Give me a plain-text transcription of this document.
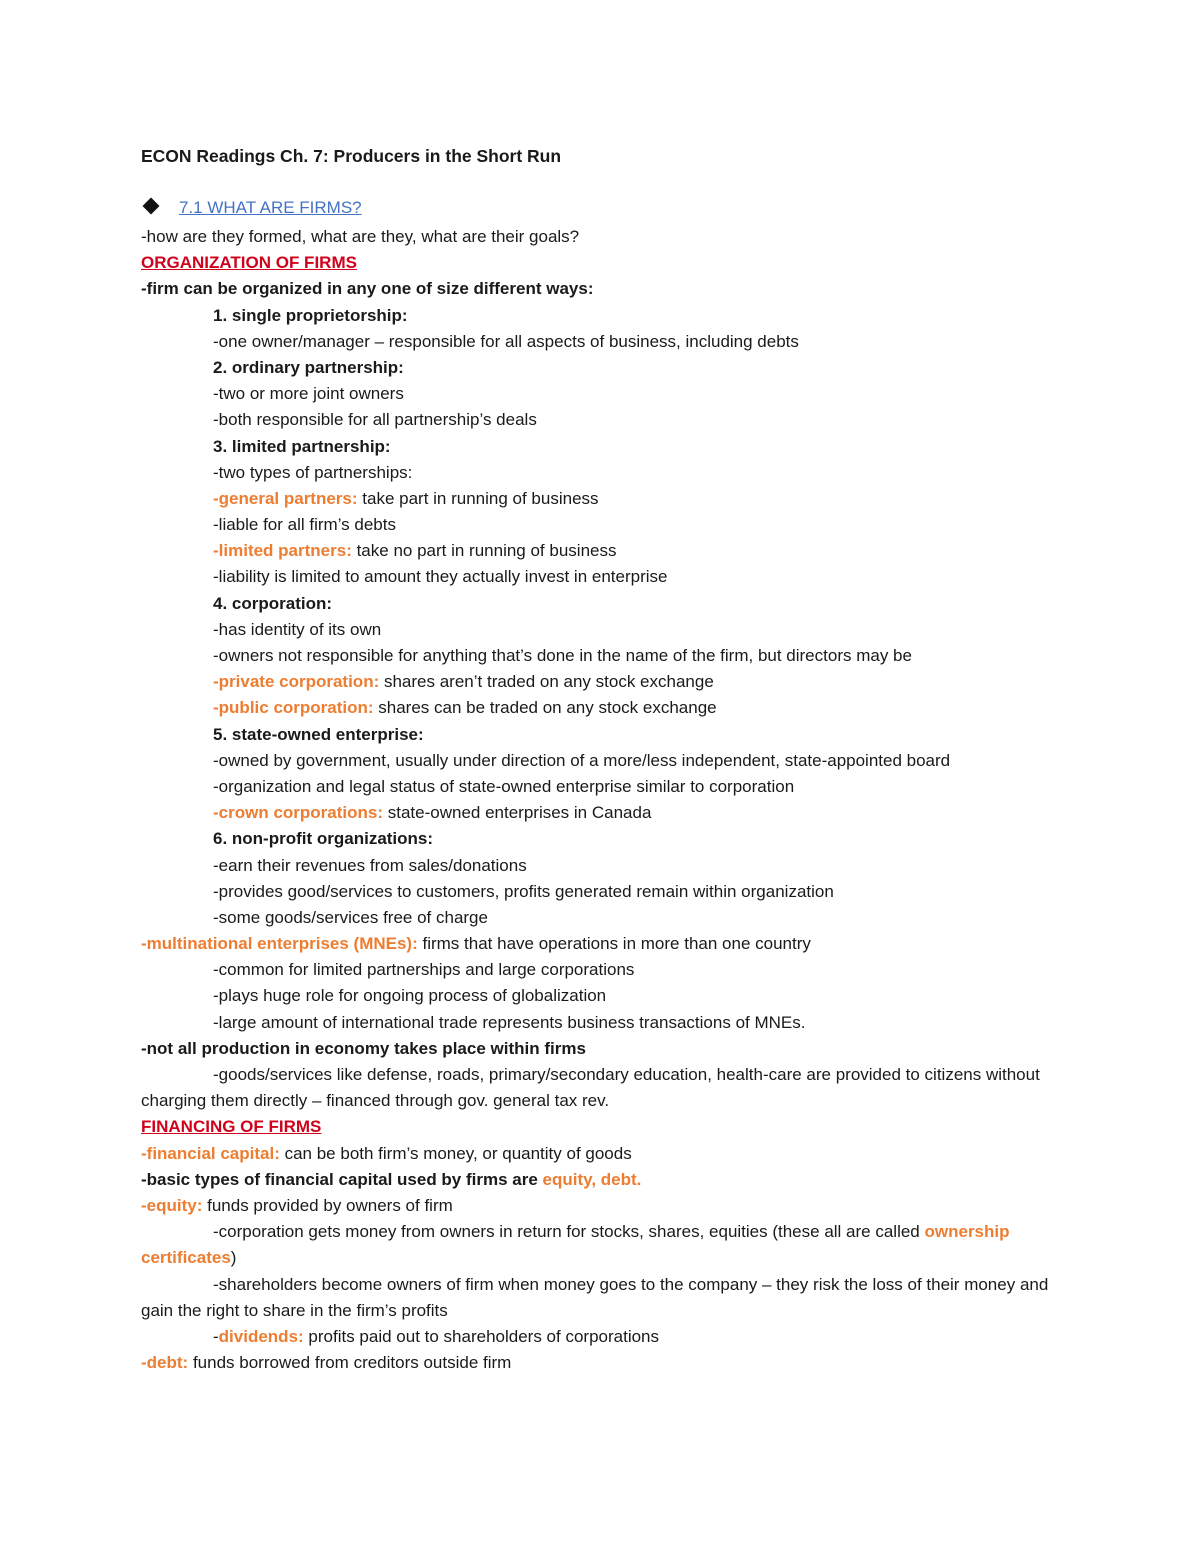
ECON Readings Ch. 7: Producers in the Short Run
7.1 WHAT ARE FIRMS?
-how are they formed, what are they, what are their goals?
ORGANIZATION OF FIRMS
-firm can be organized in any one of size different ways:
1. single proprietorship:
-one owner/manager – responsible for all aspects of business, including debts
2. ordinary partnership:
-two or more joint owners
-both responsible for all partnership’s deals
3. limited partnership:
-two types of partnerships:
-general partners: take part in running of business
-liable for all firm’s debts
-limited partners: take no part in running of business
-liability is limited to amount they actually invest in enterprise
4. corporation:
-has identity of its own
-owners not responsible for anything that’s done in the name of the firm, but directors may be
-private corporation: shares aren’t traded on any stock exchange
-public corporation: shares can be traded on any stock exchange
5. state-owned enterprise:
-owned by government, usually under direction of a more/less independent, state-appointed board
-organization and legal status of state-owned enterprise similar to corporation
-crown corporations: state-owned enterprises in Canada
6. non-profit organizations:
-earn their revenues from sales/donations
-provides good/services to customers, profits generated remain within organization
-some goods/services free of charge
-multinational enterprises (MNEs): firms that have operations in more than one country
-common for limited partnerships and large corporations
-plays huge role for ongoing process of globalization
-large amount of international trade represents business transactions of MNEs.
-not all production in economy takes place within firms
-goods/services like defense, roads, primary/secondary education, health-care are provided to citizens without charging them directly – financed through gov. general tax rev.
FINANCING OF FIRMS
-financial capital: can be both firm’s money, or quantity of goods
-basic types of financial capital used by firms are equity, debt.
-equity: funds provided by owners of firm
-corporation gets money from owners in return for stocks, shares, equities (these all are called ownership certificates)
-shareholders become owners of firm when money goes to the company – they risk the loss of their money and gain the right to share in the firm’s profits
-dividends: profits paid out to shareholders of corporations
-debt: funds borrowed from creditors outside firm
